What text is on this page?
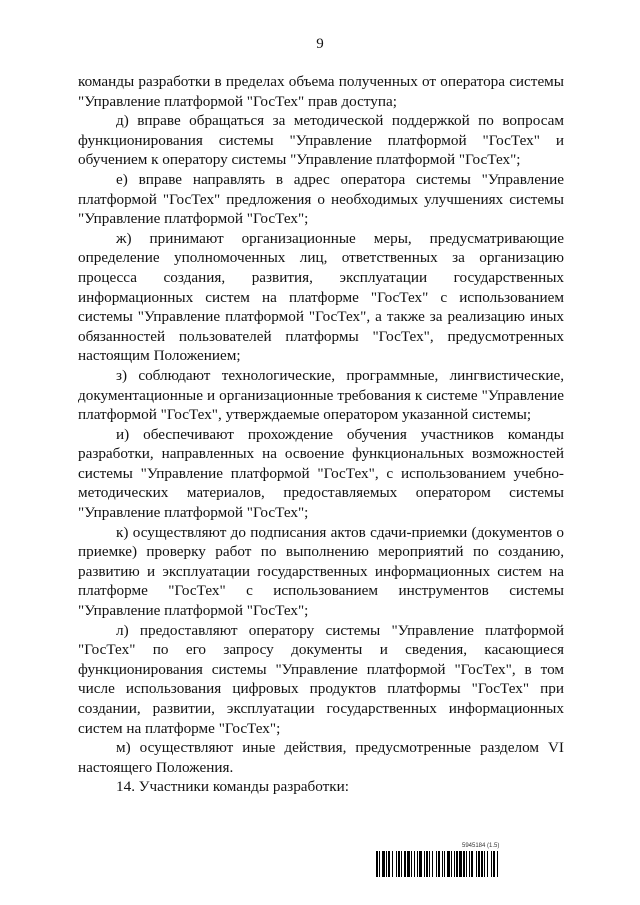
9

команды разработки в пределах объема полученных от оператора системы "Управление платформой "ГосТех" прав доступа;

д) вправе обращаться за методической поддержкой по вопросам функционирования системы "Управление платформой "ГосТех" и обучением к оператору системы "Управление платформой "ГосТех";

е) вправе направлять в адрес оператора системы "Управление платформой "ГосТех" предложения о необходимых улучшениях системы "Управление платформой "ГосТех";

ж) принимают организационные меры, предусматривающие определение уполномоченных лиц, ответственных за организацию процесса создания, развития, эксплуатации государственных информационных систем на платформе "ГосТех" с использованием системы "Управление платформой "ГосТех", а также за реализацию иных обязанностей пользователей платформы "ГосТех", предусмотренных настоящим Положением;

з) соблюдают технологические, программные, лингвистические, документационные и организационные требования к системе "Управление платформой "ГосТех", утверждаемые оператором указанной системы;

и) обеспечивают прохождение обучения участников команды разработки, направленных на освоение функциональных возможностей системы "Управление платформой "ГосТех", с использованием учебно-методических материалов, предоставляемых оператором системы "Управление платформой "ГосТех";

к) осуществляют до подписания актов сдачи-приемки (документов о приемке) проверку работ по выполнению мероприятий по созданию, развитию и эксплуатации государственных информационных систем на платформе "ГосТех" с использованием инструментов системы "Управление платформой "ГосТех";

л) предоставляют оператору системы "Управление платформой "ГосТех" по его запросу документы и сведения, касающиеся функционирования системы "Управление платформой "ГосТех", в том числе использования цифровых продуктов платформы "ГосТех" при создании, развитии, эксплуатации государственных информационных систем на платформе "ГосТех";

м) осуществляют иные действия, предусмотренные разделом VI настоящего Положения.

14. Участники команды разработки:

5945184 (1.5)
